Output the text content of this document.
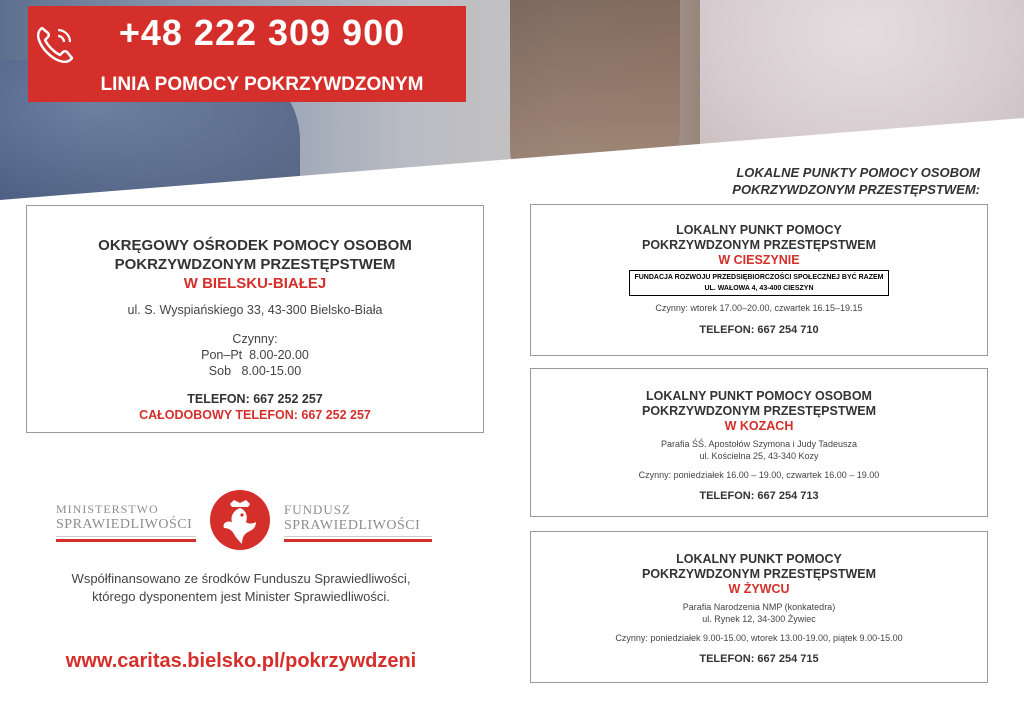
+48 222 309 900
LINIA POMOCY POKRZYWDZONYM
LOKALNE PUNKTY POMOCY OSOBOM
POKRZYWDZONYM PRZESTĘPSTWEM:
OKRĘGOWY OŚRODEK POMOCY OSOBOM
POKRZYWDZONYM PRZESTĘPSTWEM
W BIELSKU-BIAŁEJ
ul. S. Wyspiańskiego 33, 43-300 Bielsko-Biała
Czynny:
Pon–Pt  8.00-20.00
Sob   8.00-15.00
TELEFON: 667 252 257
CAŁODOBOWY TELEFON: 667 252 257
LOKALNY PUNKT POMOCY
POKRZYWDZONYM PRZESTĘPSTWEM
W CIESZYNIE
FUNDACJA ROZWOJU PRZEDSIĘBIORCZOŚCI SPOŁECZNEJ BYĆ RAZEM
UL. WAŁOWA 4, 43-400 CIESZYN
Czynny: wtorek 17.00–20.00, czwartek 16.15–19.15
TELEFON: 667 254 710
LOKALNY PUNKT POMOCY OSOBOM
POKRZYWDZONYM PRZESTĘPSTWEM
W KOZACH
Parafia ŚŚ. Apostołów Szymona i Judy Tadeusza
ul. Kościelna 25, 43-340 Kozy
Czynny: poniedziałek 16.00 – 19.00, czwartek 16.00 – 19.00
TELEFON: 667 254 713
LOKALNY PUNKT POMOCY
POKRZYWDZONYM PRZESTĘPSTWEM
W ŻYWCU
Parafia Narodzenia NMP (konkatedra)
ul. Rynek 12, 34-300 Żywiec
Czynny: poniedziałek 9.00-15.00, wtorek 13.00-19.00, piątek 9.00-15.00
TELEFON: 667 254 715
MINISTERSTWO
SPRAWIEDLIWOŚCI
FUNDUSZ
SPRAWIEDLIWOŚCI
Współfinansowano ze środków Funduszu Sprawiedliwości,
którego dysponentem jest Minister Sprawiedliwości.
www.caritas.bielsko.pl/pokrzywdzeni
